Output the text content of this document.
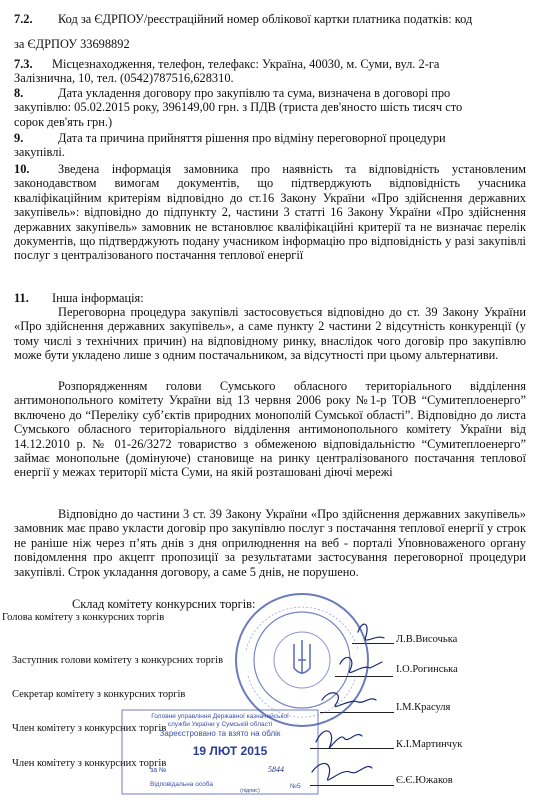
7.2. Код за ЄДРПОУ/реєстраційний номер облікової картки платника податків: код
за ЄДРПОУ 33698892
7.3. Місцезнаходження, телефон, телефакс: Україна, 40030, м. Суми, вул. 2-га
Залізнична, 10, тел. (0542)787516,628310.
8.	Дата укладення договору про закупівлю та сума, визначена в договорі про
закупівлю: 05.02.2015 року, 396149,00 грн. з ПДВ (триста дев'яносто шість тисяч сто
сорок дев'ять грн.)
9.	Дата та причина прийняття рішення про відміну переговорної процедури
закупівлі.
10.	Зведена інформація замовника про наявність та відповідність установленим законодавством вимогам документів, що підтверджують відповідність учасника кваліфікаційним критеріям відповідно до ст.16 Закону України «Про здійснення державних закупівель»: відповідно до підпункту 2, частини 3 статті 16 Закону України «Про здійснення державних закупівель» замовник не встановлює кваліфікаційні критерії та не визначає перелік документів, що підтверджують подану учасником інформацію про відповідність у разі закупівлі послуг з централізованого постачання теплової енергії
11. Інша інформація:
Переговорна процедура закупівлі застосовується відповідно до ст. 39 Закону України «Про здійснення державних закупівель», а саме пункту 2 частини 2 відсутність конкуренції (у тому числі з технічних причин) на відповідному ринку, внаслідок чого договір про закупівлю може бути укладено лише з одним постачальником, за відсутності при цьому альтернативи.
Розпорядженням голови Сумського обласного територіального відділення антимонопольного комітету України від 13 червня 2006 року №1-р ТОВ “Сумитеплоенерго” включено до “Переліку суб’єктів природних монополій Сумської області”. Відповідно до листа Сумського обласного територіального відділення антимонопольного комітету України від 14.12.2010 р. № 01-26/3272 товариство з обмеженою відповідальністю “Сумитеплоенерго” займає монопольне (домінуюче) становище на ринку централізованого постачання теплової енергії у межах території міста Суми, на якій розташовані діючі мережі
Відповідно до частини 3 ст. 39 Закону України «Про здійснення державних закупівель» замовник має право укласти договір про закупівлю послуг з постачання теплової енергії у строк не раніше ніж через п’ять днів з дня оприлюднення на веб - порталі Уповноваженого органу повідомлення про акцепт пропозиції за результатами застосування переговорної процедури закупівлі. Строк укладання договору, а саме 5 днів, не порушено.
Склад комітету конкурсних торгів:
Голова комітету з конкурсних торгів
Л.В.Височька
Заступник голови комітету з конкурсних торгів
І.О.Рогинська
Секретар комітету з конкурсних торгів
І.М.Красуля
Член комітету з конкурсних торгів
К.І.Мартинчук
Член комітету з конкурсних торгів
Є.Є.Южаков
Головне управління Державної казначейської
служби України у Сумській області
Зареєстровано та взято на облік
19 ЛЮТ 2015
за №	5844
Відповідальна особа
(підпис)
№5
